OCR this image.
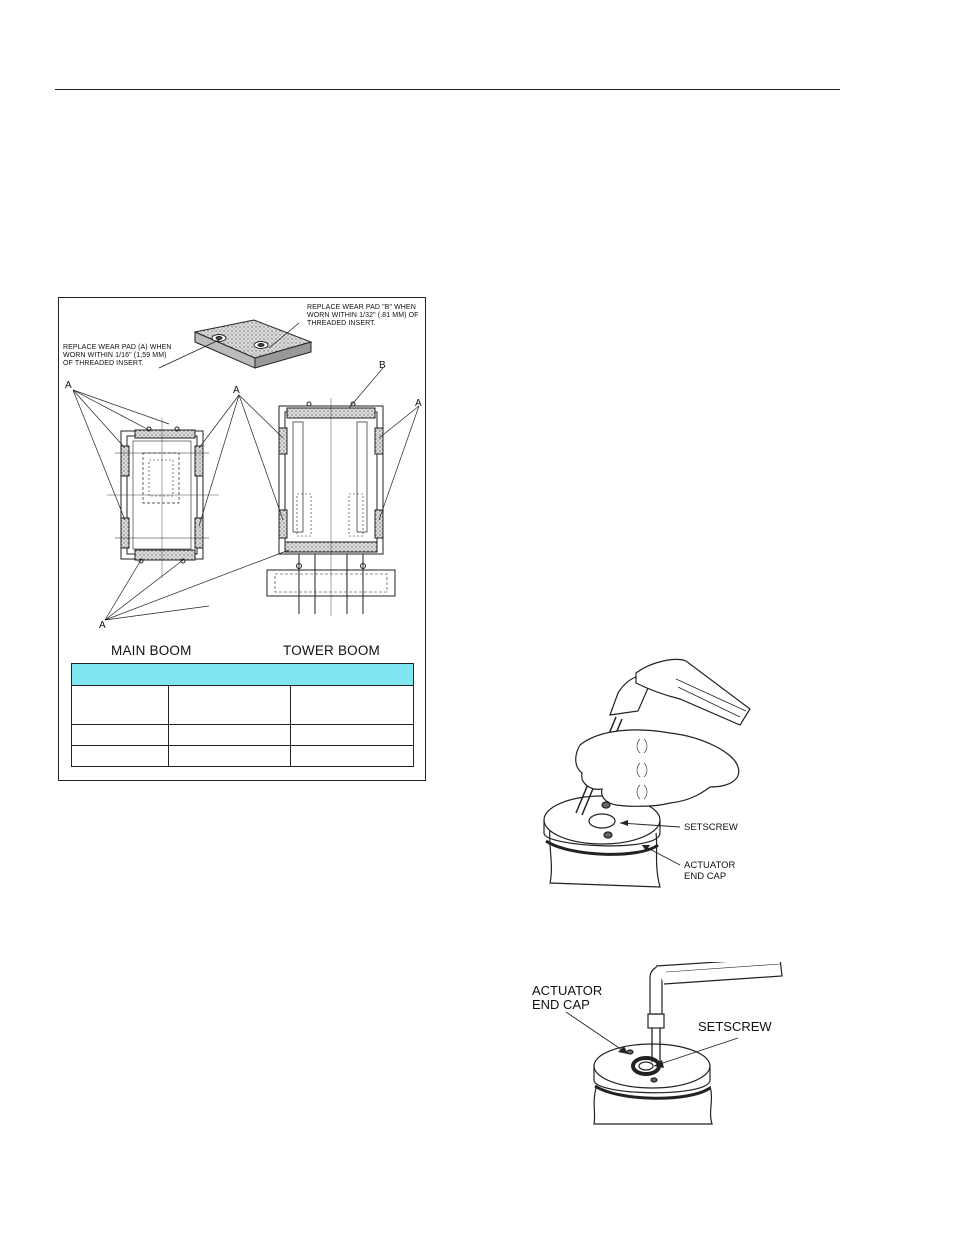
REPLACE WEAR PAD (A) WHEN
WORN WITHIN 1/16" (1,59 MM)
OF THREADED INSERT.
REPLACE WEAR PAD "B" WHEN
WORN WITHIN 1/32" (.81 MM) OF
THREADED INSERT.
A	A
A
A
B
MAIN BOOM	TOWER BOOM

SETSCREW
ACTUATOR
END CAP
ACTUATOR
END CAP
SETSCREW
